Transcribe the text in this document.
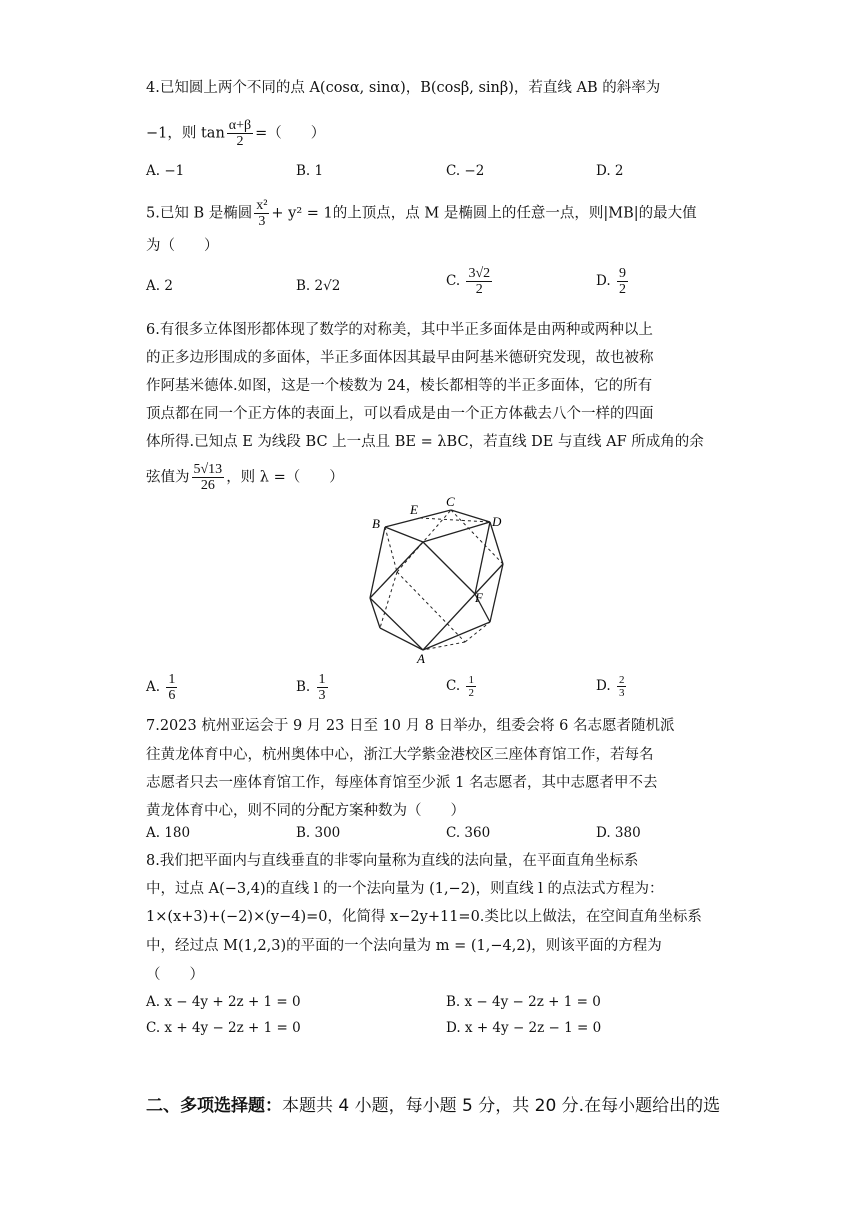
4.已知圆上两个不同的点 A(cosα, sinα)，B(cosβ, sinβ)，若直线 AB 的斜率为
−1，则 $\tan \frac{\alpha+\beta}{2}$ =（　　）
A. −1	B. 1	C. −2	D. 2
5.已知 B 是椭圆 $\frac{\text{x²}}{3} + y^2 = 1$的上顶点，点 M 是椭圆上的任意一点，则|MB|的最大值
为（　　）
A. 2	B. 2√2	C. $\frac{3√2}{2}$	D. $\frac{9}{2}$
6.有很多立体图形都体现了数学的对称美，其中半正多面体是由两种或两种以上
的正多边形围成的多面体，半正多面体因其最早由阿基米德研究发现，故也被称
作阿基米德体.如图，这是一个棱数为 24，棱长都相等的半正多面体，它的所有
顶点都在同一个正方体的表面上，可以看成是由一个正方体截去八个一样的四面
体所得.已知点 E 为线段 BC 上一点且 BE = λBC，若直线 DE 与直线 AF 所成角的余
弦值为 $\frac{5√13}{26}$ ，则 λ =（　　）
B
E
C
D
F
A
A. $\frac{1}{6}$	B. $\frac{1}{3}$	C. $\frac{1}{2}$	D. $\frac{2}{3}$
7.2023 杭州亚运会于 9 月 23 日至 10 月 8 日举办，组委会将 6 名志愿者随机派
往黄龙体育中心，杭州奥体中心，浙江大学紫金港校区三座体育馆工作，若每名
志愿者只去一座体育馆工作，每座体育馆至少派 1 名志愿者，其中志愿者甲不去
黄龙体育中心，则不同的分配方案种数为（　　）
A. 180	B. 300	C. 360	D. 380
8.我们把平面内与直线垂直的非零向量称为直线的法向量，在平面直角坐标系
中，过点 A(−3,4)的直线 l 的一个法向量为 (1,−2)，则直线 l 的点法式方程为：
1×(x+3)+(−2)×(y−4)=0，化简得 x−2y+11=0.类比以上做法，在空间直角坐标系
中，经过点 M(1,2,3)的平面的一个法向量为 m = (1,−4,2)，则该平面的方程为
（　　）
A. x − 4y + 2z + 1 = 0	B. x − 4y − 2z + 1 = 0
C. x + 4y − 2z + 1 = 0	D. x + 4y − 2z − 1 = 0
二、多项选择题：本题共 4 小题，每小题 5 分，共 20 分.在每小题给出的选
